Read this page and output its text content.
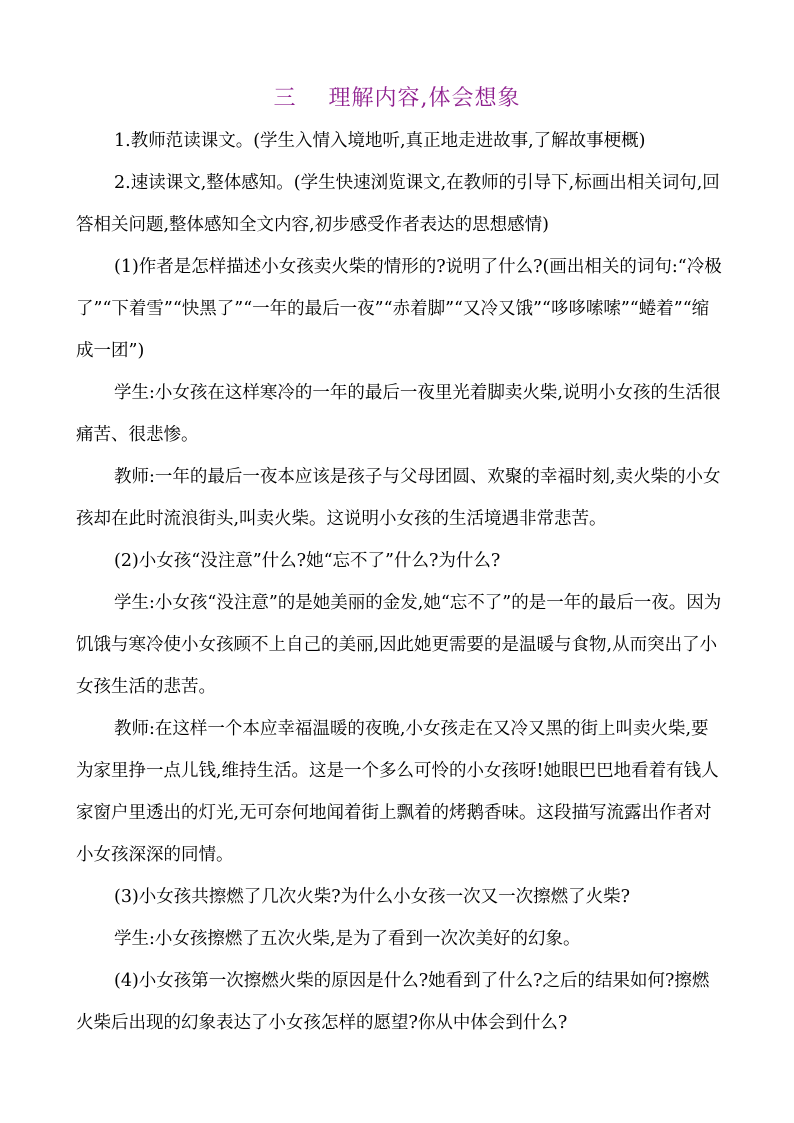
三    理解内容,体会想象

1.教师范读课文。(学生入情入境地听,真正地走进故事,了解故事梗概)

2.速读课文,整体感知。(学生快速浏览课文,在教师的引导下,标画出相关词句,回答相关问题,整体感知全文内容,初步感受作者表达的思想感情)

(1)作者是怎样描述小女孩卖火柴的情形的?说明了什么?(画出相关的词句:“冷极了”“下着雪”“快黑了”“一年的最后一夜”“赤着脚”“又冷又饿”“哆哆嗦嗦”“蜷着”“缩成一团”)

学生:小女孩在这样寒冷的一年的最后一夜里光着脚卖火柴,说明小女孩的生活很痛苦、很悲惨。

教师:一年的最后一夜本应该是孩子与父母团圆、欢聚的幸福时刻,卖火柴的小女孩却在此时流浪街头,叫卖火柴。这说明小女孩的生活境遇非常悲苦。

(2)小女孩“没注意”什么?她“忘不了”什么?为什么?

学生:小女孩“没注意”的是她美丽的金发,她“忘不了”的是一年的最后一夜。因为饥饿与寒冷使小女孩顾不上自己的美丽,因此她更需要的是温暖与食物,从而突出了小女孩生活的悲苦。

教师:在这样一个本应幸福温暖的夜晚,小女孩走在又冷又黑的街上叫卖火柴,要为家里挣一点儿钱,维持生活。这是一个多么可怜的小女孩呀!她眼巴巴地看着有钱人家窗户里透出的灯光,无可奈何地闻着街上飘着的烤鹅香味。这段描写流露出作者对小女孩深深的同情。

(3)小女孩共擦燃了几次火柴?为什么小女孩一次又一次擦燃了火柴?

学生:小女孩擦燃了五次火柴,是为了看到一次次美好的幻象。

(4)小女孩第一次擦燃火柴的原因是什么?她看到了什么?之后的结果如何?擦燃火柴后出现的幻象表达了小女孩怎样的愿望?你从中体会到什么?
